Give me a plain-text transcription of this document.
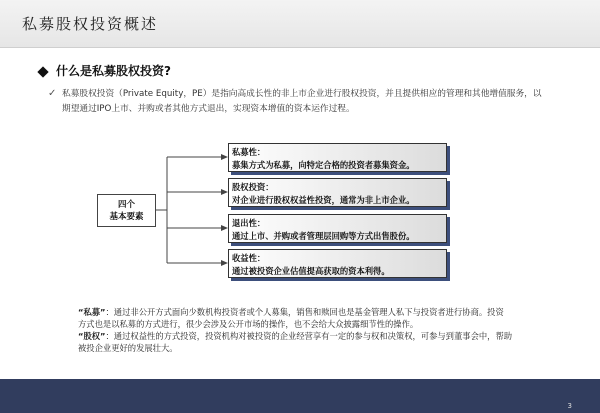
私募股权投资概述
什么是私募股权投资?
✓ 私募股权投资（Private Equity，PE）是指向高成长性的非上市企业进行股权投资，并且提供相应的管理和其他增值服务，以
期望通过IPO上市、并购或者其他方式退出，实现资本增值的资本运作过程。
四个
基本要素
私募性：
募集方式为私募，向特定合格的投资者募集资金。
股权投资：
对企业进行股权权益性投资，通常为非上市企业。
退出性：
通过上市、并购或者管理层回购等方式出售股份。
收益性：
通过被投资企业估值提高获取的资本利得。
“私募”：通过非公开方式面向少数机构投资者或个人募集，销售和赎回也是基金管理人私下与投资者进行协商。投资
方式也是以私募的方式进行，很少会涉及公开市场的操作，也不会给大众披露细节性的操作。
“股权”：通过权益性的方式投资，投资机构对被投资的企业经营享有一定的参与权和决策权，可参与到董事会中，帮助
被投企业更好的发展壮大。
3
